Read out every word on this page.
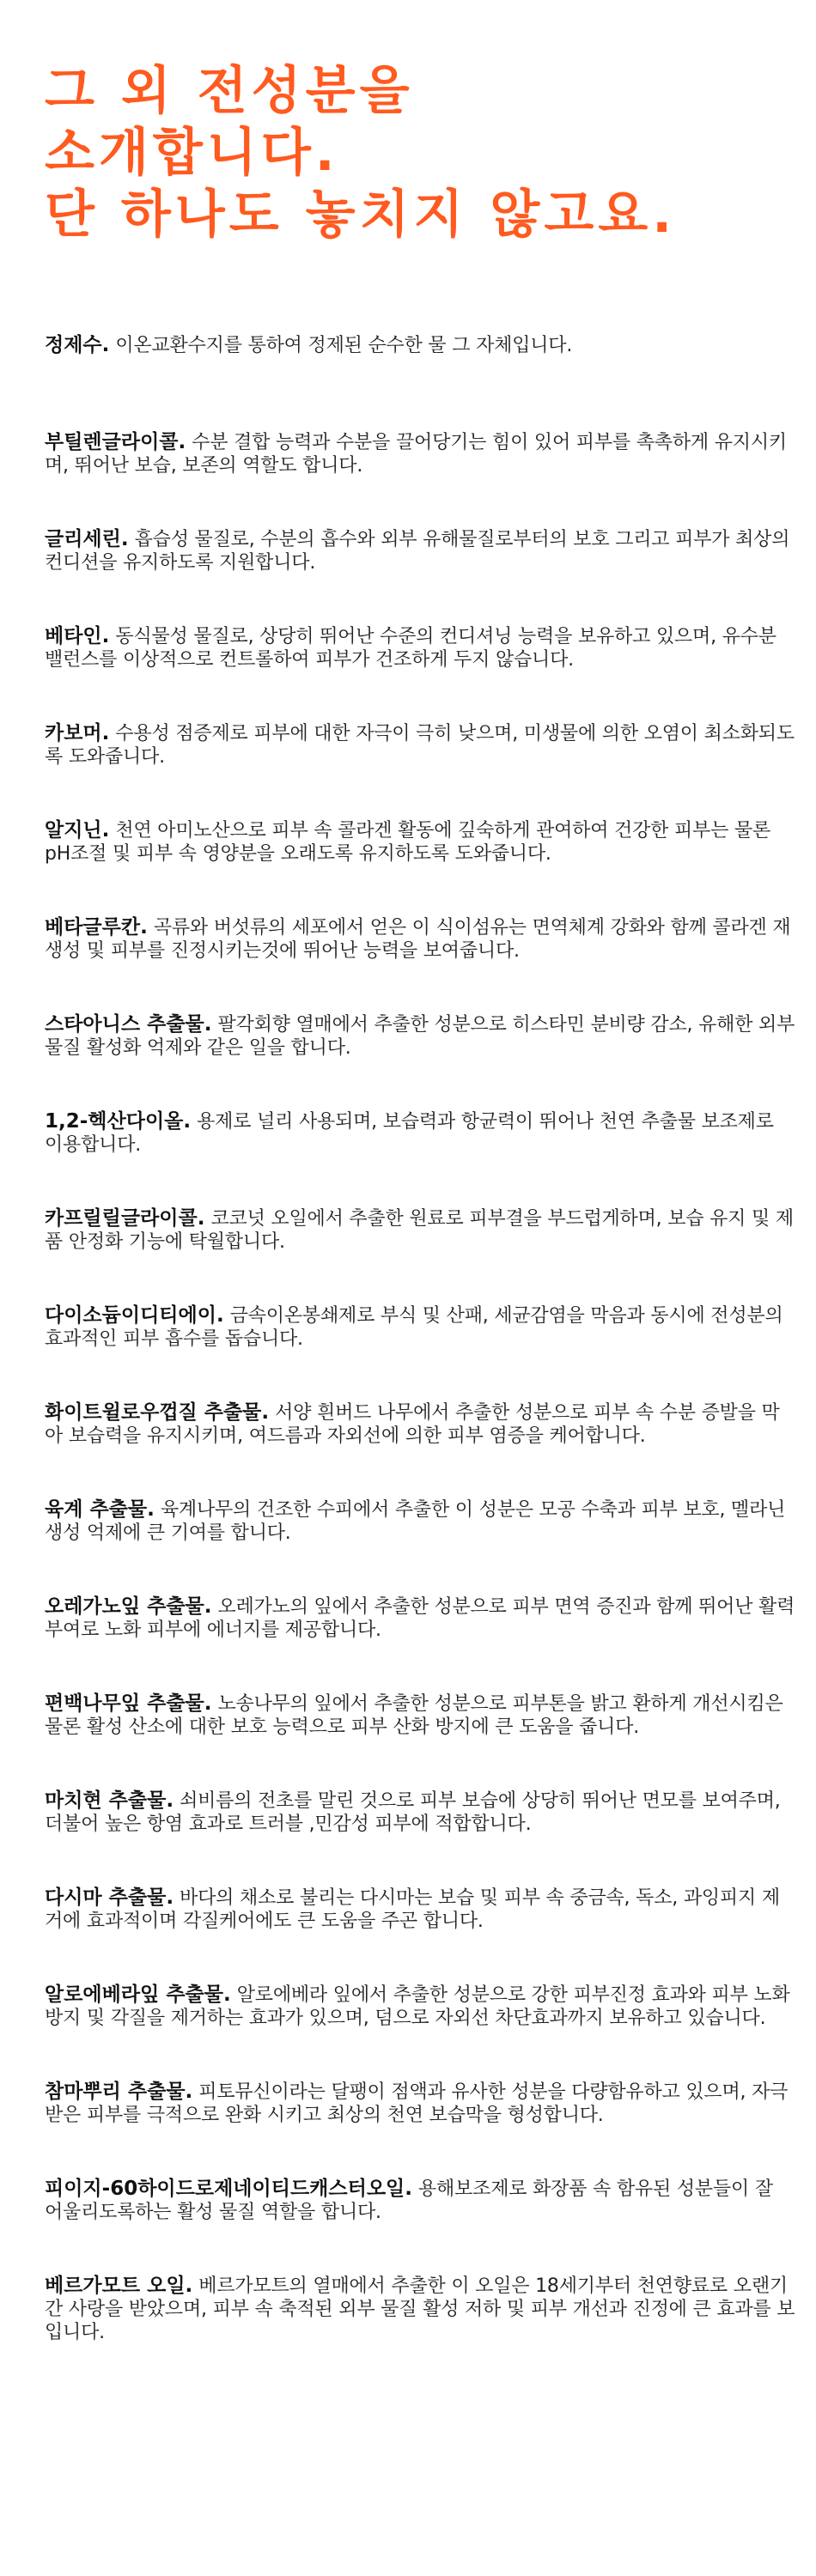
그 외 전성분을
소개합니다.
단 하나도 놓치지 않고요.
정제수. 이온교환수지를 통하여 정제된 순수한 물 그 자체입니다.
부틸렌글라이콜. 수분 결합 능력과 수분을 끌어당기는 힘이 있어 피부를 촉촉하게 유지시키며, 뛰어난 보습, 보존의 역할도 합니다.
글리세린. 흡습성 물질로, 수분의 흡수와 외부 유해물질로부터의 보호 그리고 피부가 최상의 컨디션을 유지하도록 지원합니다.
베타인. 동식물성 물질로, 상당히 뛰어난 수준의 컨디셔닝 능력을 보유하고 있으며, 유수분 밸런스를 이상적으로 컨트롤하여 피부가 건조하게 두지 않습니다.
카보머. 수용성 점증제로 피부에 대한 자극이 극히 낮으며, 미생물에 의한 오염이 최소화되도록 도와줍니다.
알지닌. 천연 아미노산으로 피부 속 콜라겐 활동에 깊숙하게 관여하여 건강한 피부는 물론 pH조절 및 피부 속 영양분을 오래도록 유지하도록 도와줍니다.
베타글루칸. 곡류와 버섯류의 세포에서 얻은 이 식이섬유는 면역체계 강화와 함께 콜라겐 재생성 및 피부를 진정시키는것에 뛰어난 능력을 보여줍니다.
스타아니스 추출물. 팔각회향 열매에서 추출한 성분으로 히스타민 분비량 감소, 유해한 외부 물질 활성화 억제와 같은 일을 합니다.
1,2-헥산다이올. 용제로 널리 사용되며, 보습력과 항균력이 뛰어나 천연 추출물 보조제로 이용합니다.
카프릴릴글라이콜. 코코넛 오일에서 추출한 원료로 피부결을 부드럽게하며, 보습 유지 및 제품 안정화 기능에 탁월합니다.
다이소듐이디티에이. 금속이온봉쇄제로 부식 및 산패, 세균감염을 막음과 동시에 전성분의 효과적인 피부 흡수를 돕습니다.
화이트윌로우껍질 추출물. 서양 흰버드 나무에서 추출한 성분으로 피부 속 수분 증발을 막아 보습력을 유지시키며, 여드름과 자외선에 의한 피부 염증을 케어합니다.
육계 추출물. 육계나무의 건조한 수피에서 추출한 이 성분은 모공 수축과 피부 보호, 멜라닌 생성 억제에 큰 기여를 합니다.
오레가노잎 추출물. 오레가노의 잎에서 추출한 성분으로 피부 면역 증진과 함께 뛰어난 활력 부여로 노화 피부에 에너지를 제공합니다.
편백나무잎 추출물. 노송나무의 잎에서 추출한 성분으로 피부톤을 밝고 환하게 개선시킴은 물론 활성 산소에 대한 보호 능력으로 피부 산화 방지에 큰 도움을 줍니다.
마치현 추출물. 쇠비름의 전초를 말린 것으로 피부 보습에 상당히 뛰어난 면모를 보여주며, 더불어 높은 항염 효과로 트러블 ,민감성 피부에 적합합니다.
다시마 추출물. 바다의 채소로 불리는 다시마는 보습 및 피부 속 중금속, 독소, 과잉피지 제거에 효과적이며 각질케어에도 큰 도움을 주곤 합니다.
알로에베라잎 추출물. 알로에베라 잎에서 추출한 성분으로 강한 피부진정 효과와 피부 노화 방지 및 각질을 제거하는 효과가 있으며, 덤으로 자외선 차단효과까지 보유하고 있습니다.
참마뿌리 추출물. 피토뮤신이라는 달팽이 점액과 유사한 성분을 다량함유하고 있으며, 자극받은 피부를 극적으로 완화 시키고 최상의 천연 보습막을 형성합니다.
피이지-60하이드로제네이티드캐스터오일. 용해보조제로 화장품 속 함유된 성분들이 잘 어울리도록하는 활성 물질 역할을 합니다.
베르가모트 오일. 베르가모트의 열매에서 추출한 이 오일은 18세기부터 천연향료로 오랜기간 사랑을 받았으며, 피부 속 축적된 외부 물질 활성 저하 및 피부 개선과 진정에 큰 효과를 보입니다.
